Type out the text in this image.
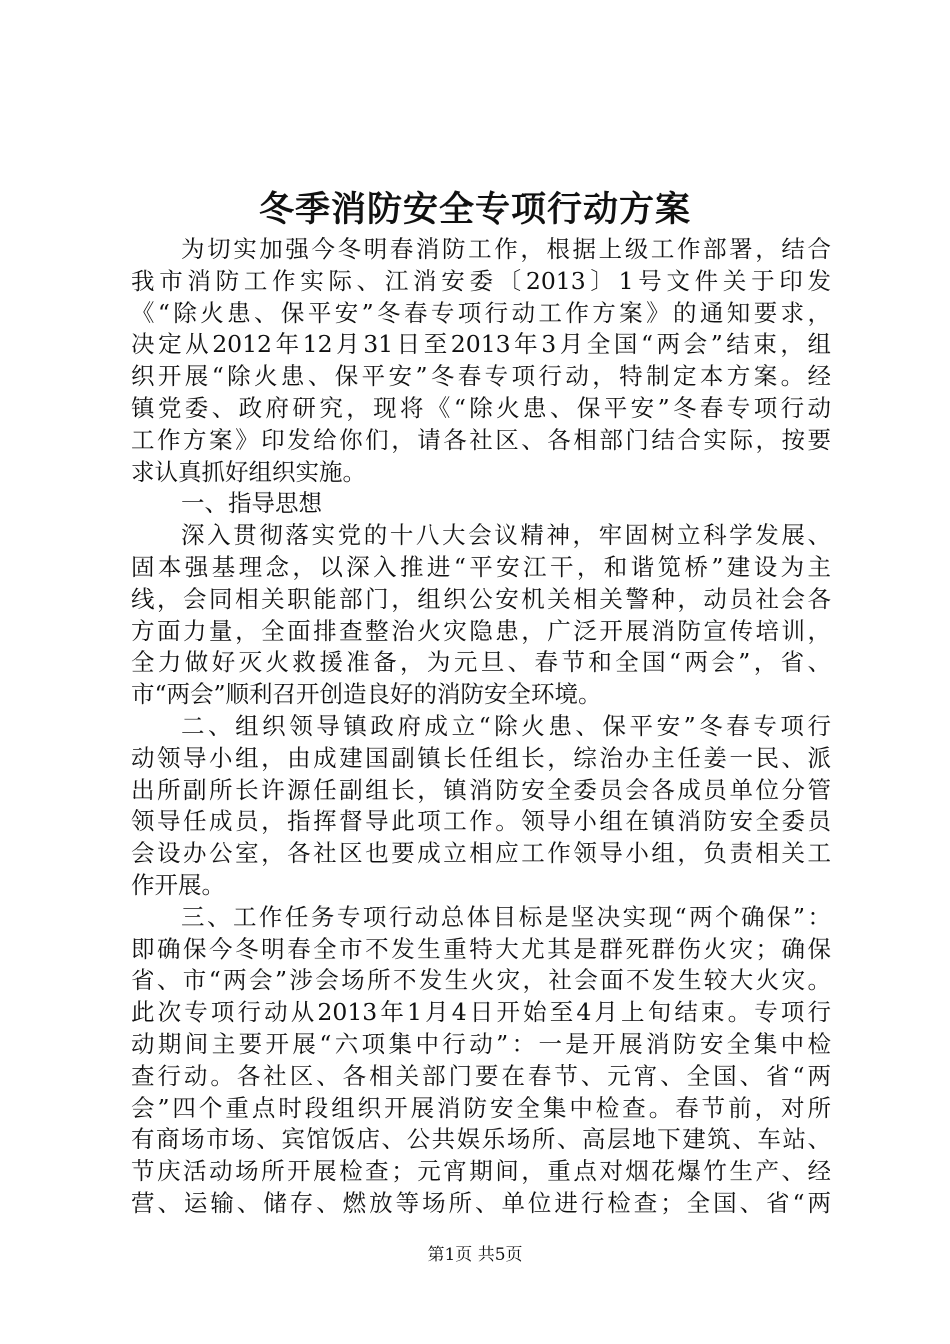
冬季消防安全专项行动方案
为切实加强今冬明春消防工作，根据上级工作部署，结合
我市消防工作实际、江消安委〔2013〕1号文件关于印发
《“除火患、保平安”冬春专项行动工作方案》的通知要求，
决定从2012年12月31日至2013年3月全国“两会”结束，组
织开展“除火患、保平安”冬春专项行动，特制定本方案。经
镇党委、政府研究，现将《“除火患、保平安”冬春专项行动
工作方案》印发给你们，请各社区、各相部门结合实际，按要
求认真抓好组织实施。
一、指导思想
深入贯彻落实党的十八大会议精神，牢固树立科学发展、
固本强基理念，以深入推进“平安江干，和谐笕桥”建设为主
线，会同相关职能部门，组织公安机关相关警种，动员社会各
方面力量，全面排查整治火灾隐患，广泛开展消防宣传培训，
全力做好灭火救援准备，为元旦、春节和全国“两会”，省、
市“两会”顺利召开创造良好的消防安全环境。
二、组织领导镇政府成立“除火患、保平安”冬春专项行
动领导小组，由成建国副镇长任组长，综治办主任姜一民、派
出所副所长许源任副组长，镇消防安全委员会各成员单位分管
领导任成员，指挥督导此项工作。领导小组在镇消防安全委员
会设办公室，各社区也要成立相应工作领导小组，负责相关工
作开展。
三、工作任务专项行动总体目标是坚决实现“两个确保”：
即确保今冬明春全市不发生重特大尤其是群死群伤火灾；确保
省、市“两会”涉会场所不发生火灾，社会面不发生较大火灾。
此次专项行动从2013年1月4日开始至4月上旬结束。专项行
动期间主要开展“六项集中行动”：一是开展消防安全集中检
查行动。各社区、各相关部门要在春节、元宵、全国、省“两
会”四个重点时段组织开展消防安全集中检查。春节前，对所
有商场市场、宾馆饭店、公共娱乐场所、高层地下建筑、车站、
节庆活动场所开展检查；元宵期间，重点对烟花爆竹生产、经
营、运输、储存、燃放等场所、单位进行检查；全国、省“两
第1页 共5页
